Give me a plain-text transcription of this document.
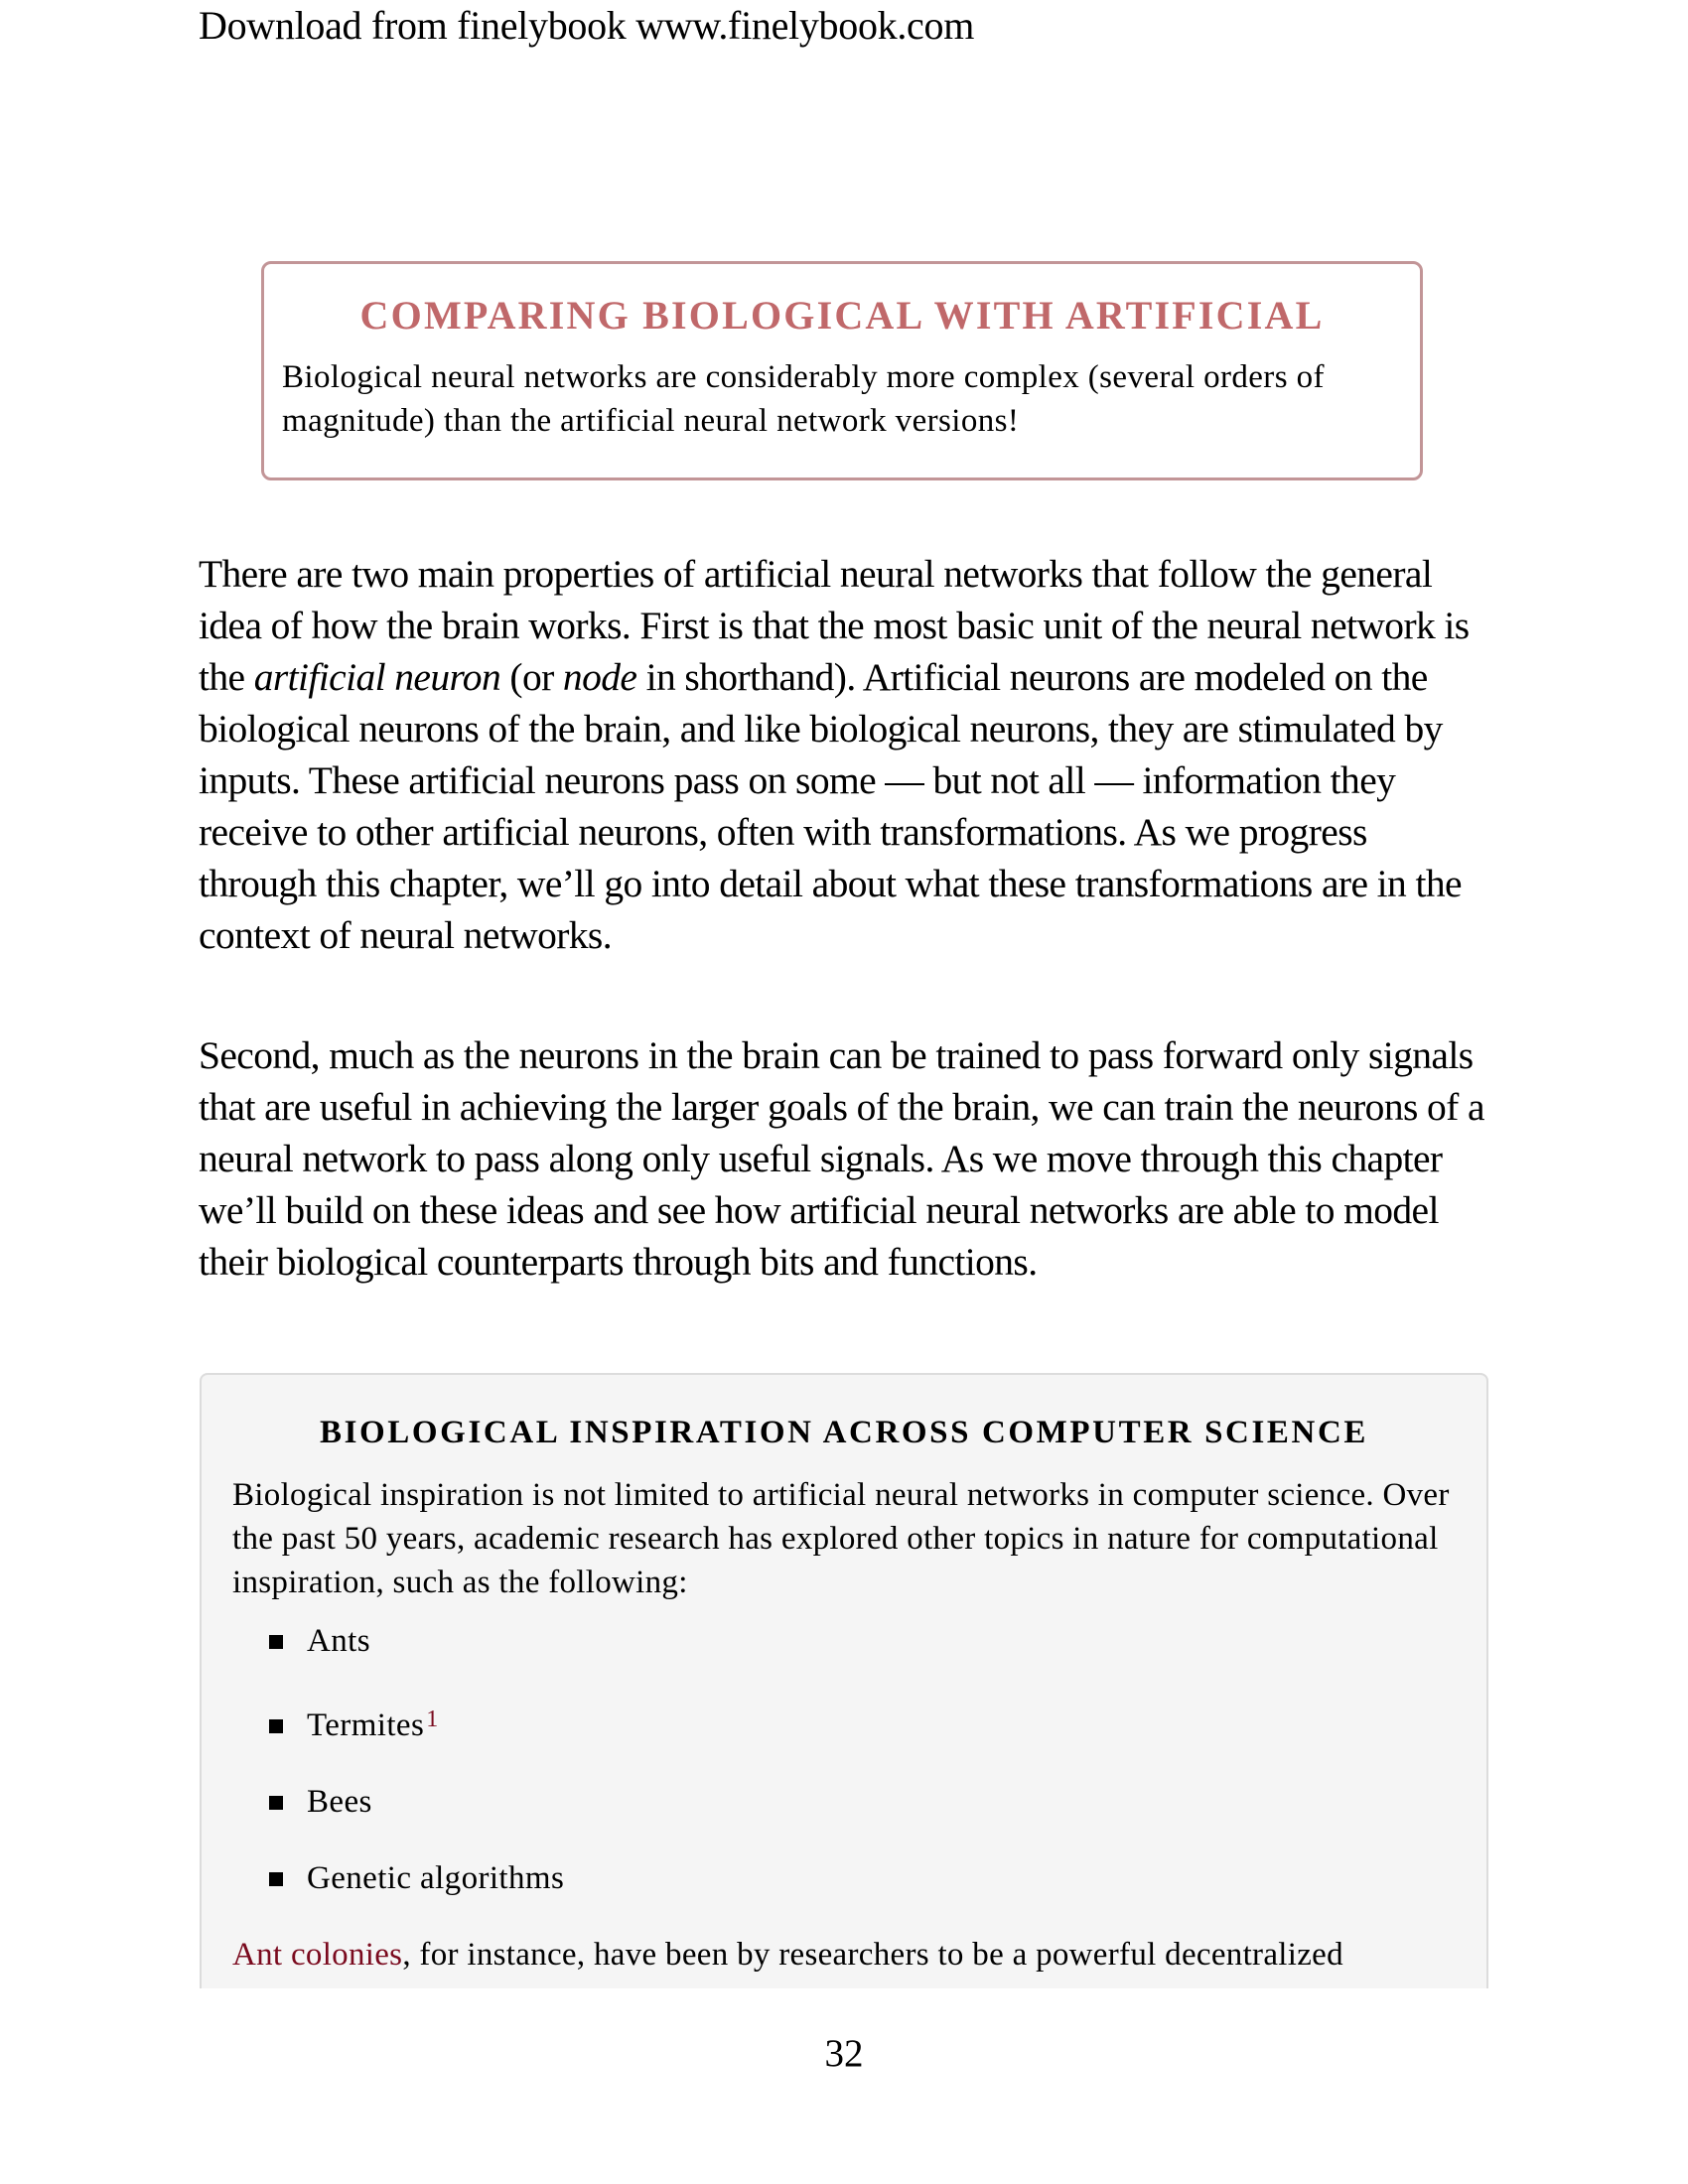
Download from finelybook www.finelybook.com
COMPARING BIOLOGICAL WITH ARTIFICIAL
Biological neural networks are considerably more complex (several orders of
magnitude) than the artificial neural network versions!

There are two main properties of artificial neural networks that follow the general idea of how the brain works. First is that the most basic unit of the neural network is the artificial neuron (or node in shorthand). Artificial neurons are modeled on the biological neurons of the brain, and like biological neurons, they are stimulated by inputs. These artificial neurons pass on some — but not all — information they receive to other artificial neurons, often with transformations. As we progress through this chapter, we’ll go into detail about what these transformations are in the context of neural networks.

Second, much as the neurons in the brain can be trained to pass forward only signals that are useful in achieving the larger goals of the brain, we can train the neurons of a neural network to pass along only useful signals. As we move through this chapter we’ll build on these ideas and see how artificial neural networks are able to model their biological counterparts through bits and functions.

BIOLOGICAL INSPIRATION ACROSS COMPUTER SCIENCE
Biological inspiration is not limited to artificial neural networks in computer science. Over the past 50 years, academic research has explored other topics in nature for computational inspiration, such as the following:
Ants
Termites$^1$
Bees
Genetic algorithms
Ant colonies, for instance, have been by researchers to be a powerful decentralized
32
